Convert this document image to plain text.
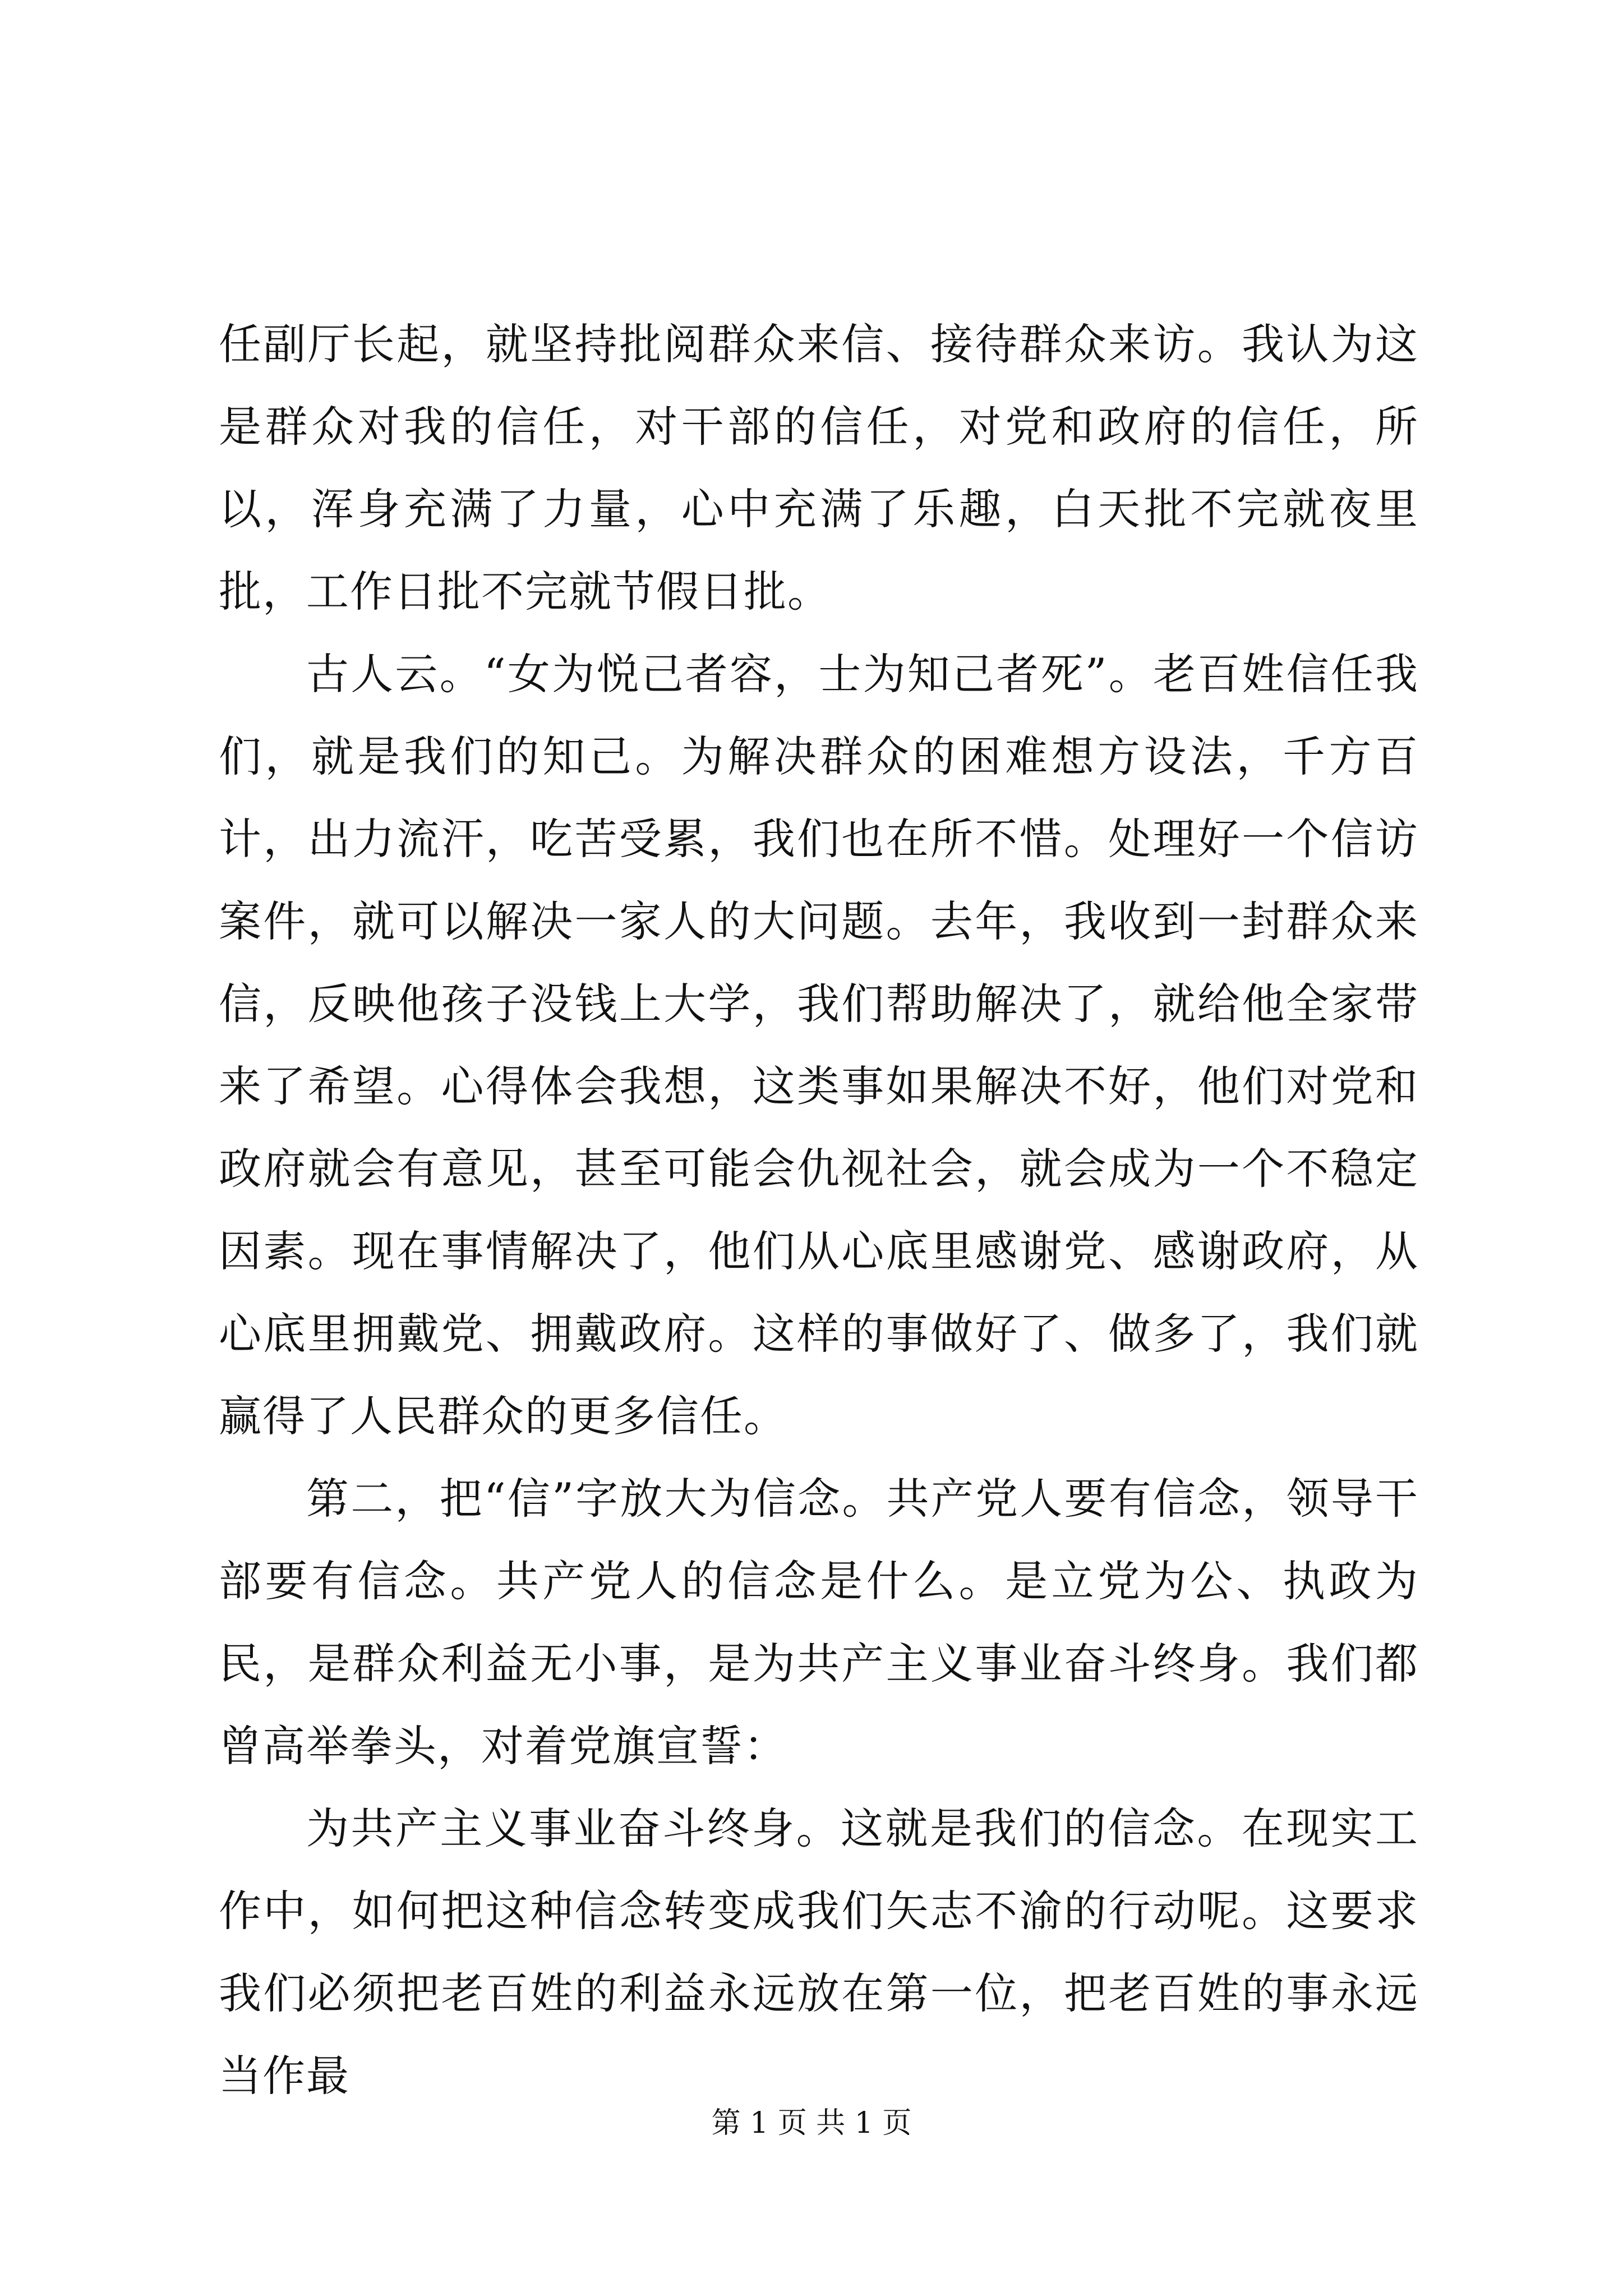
任副厅长起，就坚持批阅群众来信、接待群众来访。我认为这是群众对我的信任，对干部的信任，对党和政府的信任，所以，浑身充满了力量，心中充满了乐趣，白天批不完就夜里批，工作日批不完就节假日批。

古人云。“女为悦己者容，士为知己者死”。老百姓信任我们，就是我们的知己。为解决群众的困难想方设法，千方百计，出力流汗，吃苦受累，我们也在所不惜。处理好一个信访案件，就可以解决一家人的大问题。去年，我收到一封群众来信，反映他孩子没钱上大学，我们帮助解决了，就给他全家带来了希望。心得体会我想，这类事如果解决不好，他们对党和政府就会有意见，甚至可能会仇视社会，就会成为一个不稳定因素。现在事情解决了，他们从心底里感谢党、感谢政府，从心底里拥戴党、拥戴政府。这样的事做好了、做多了，我们就赢得了人民群众的更多信任。

第二，把“信”字放大为信念。共产党人要有信念，领导干部要有信念。共产党人的信念是什么。是立党为公、执政为民，是群众利益无小事，是为共产主义事业奋斗终身。我们都曾高举拳头，对着党旗宣誓：

为共产主义事业奋斗终身。这就是我们的信念。在现实工作中，如何把这种信念转变成我们矢志不渝的行动呢。这要求我们必须把老百姓的利益永远放在第一位，把老百姓的事永远当作最

第 1 页 共 1 页
